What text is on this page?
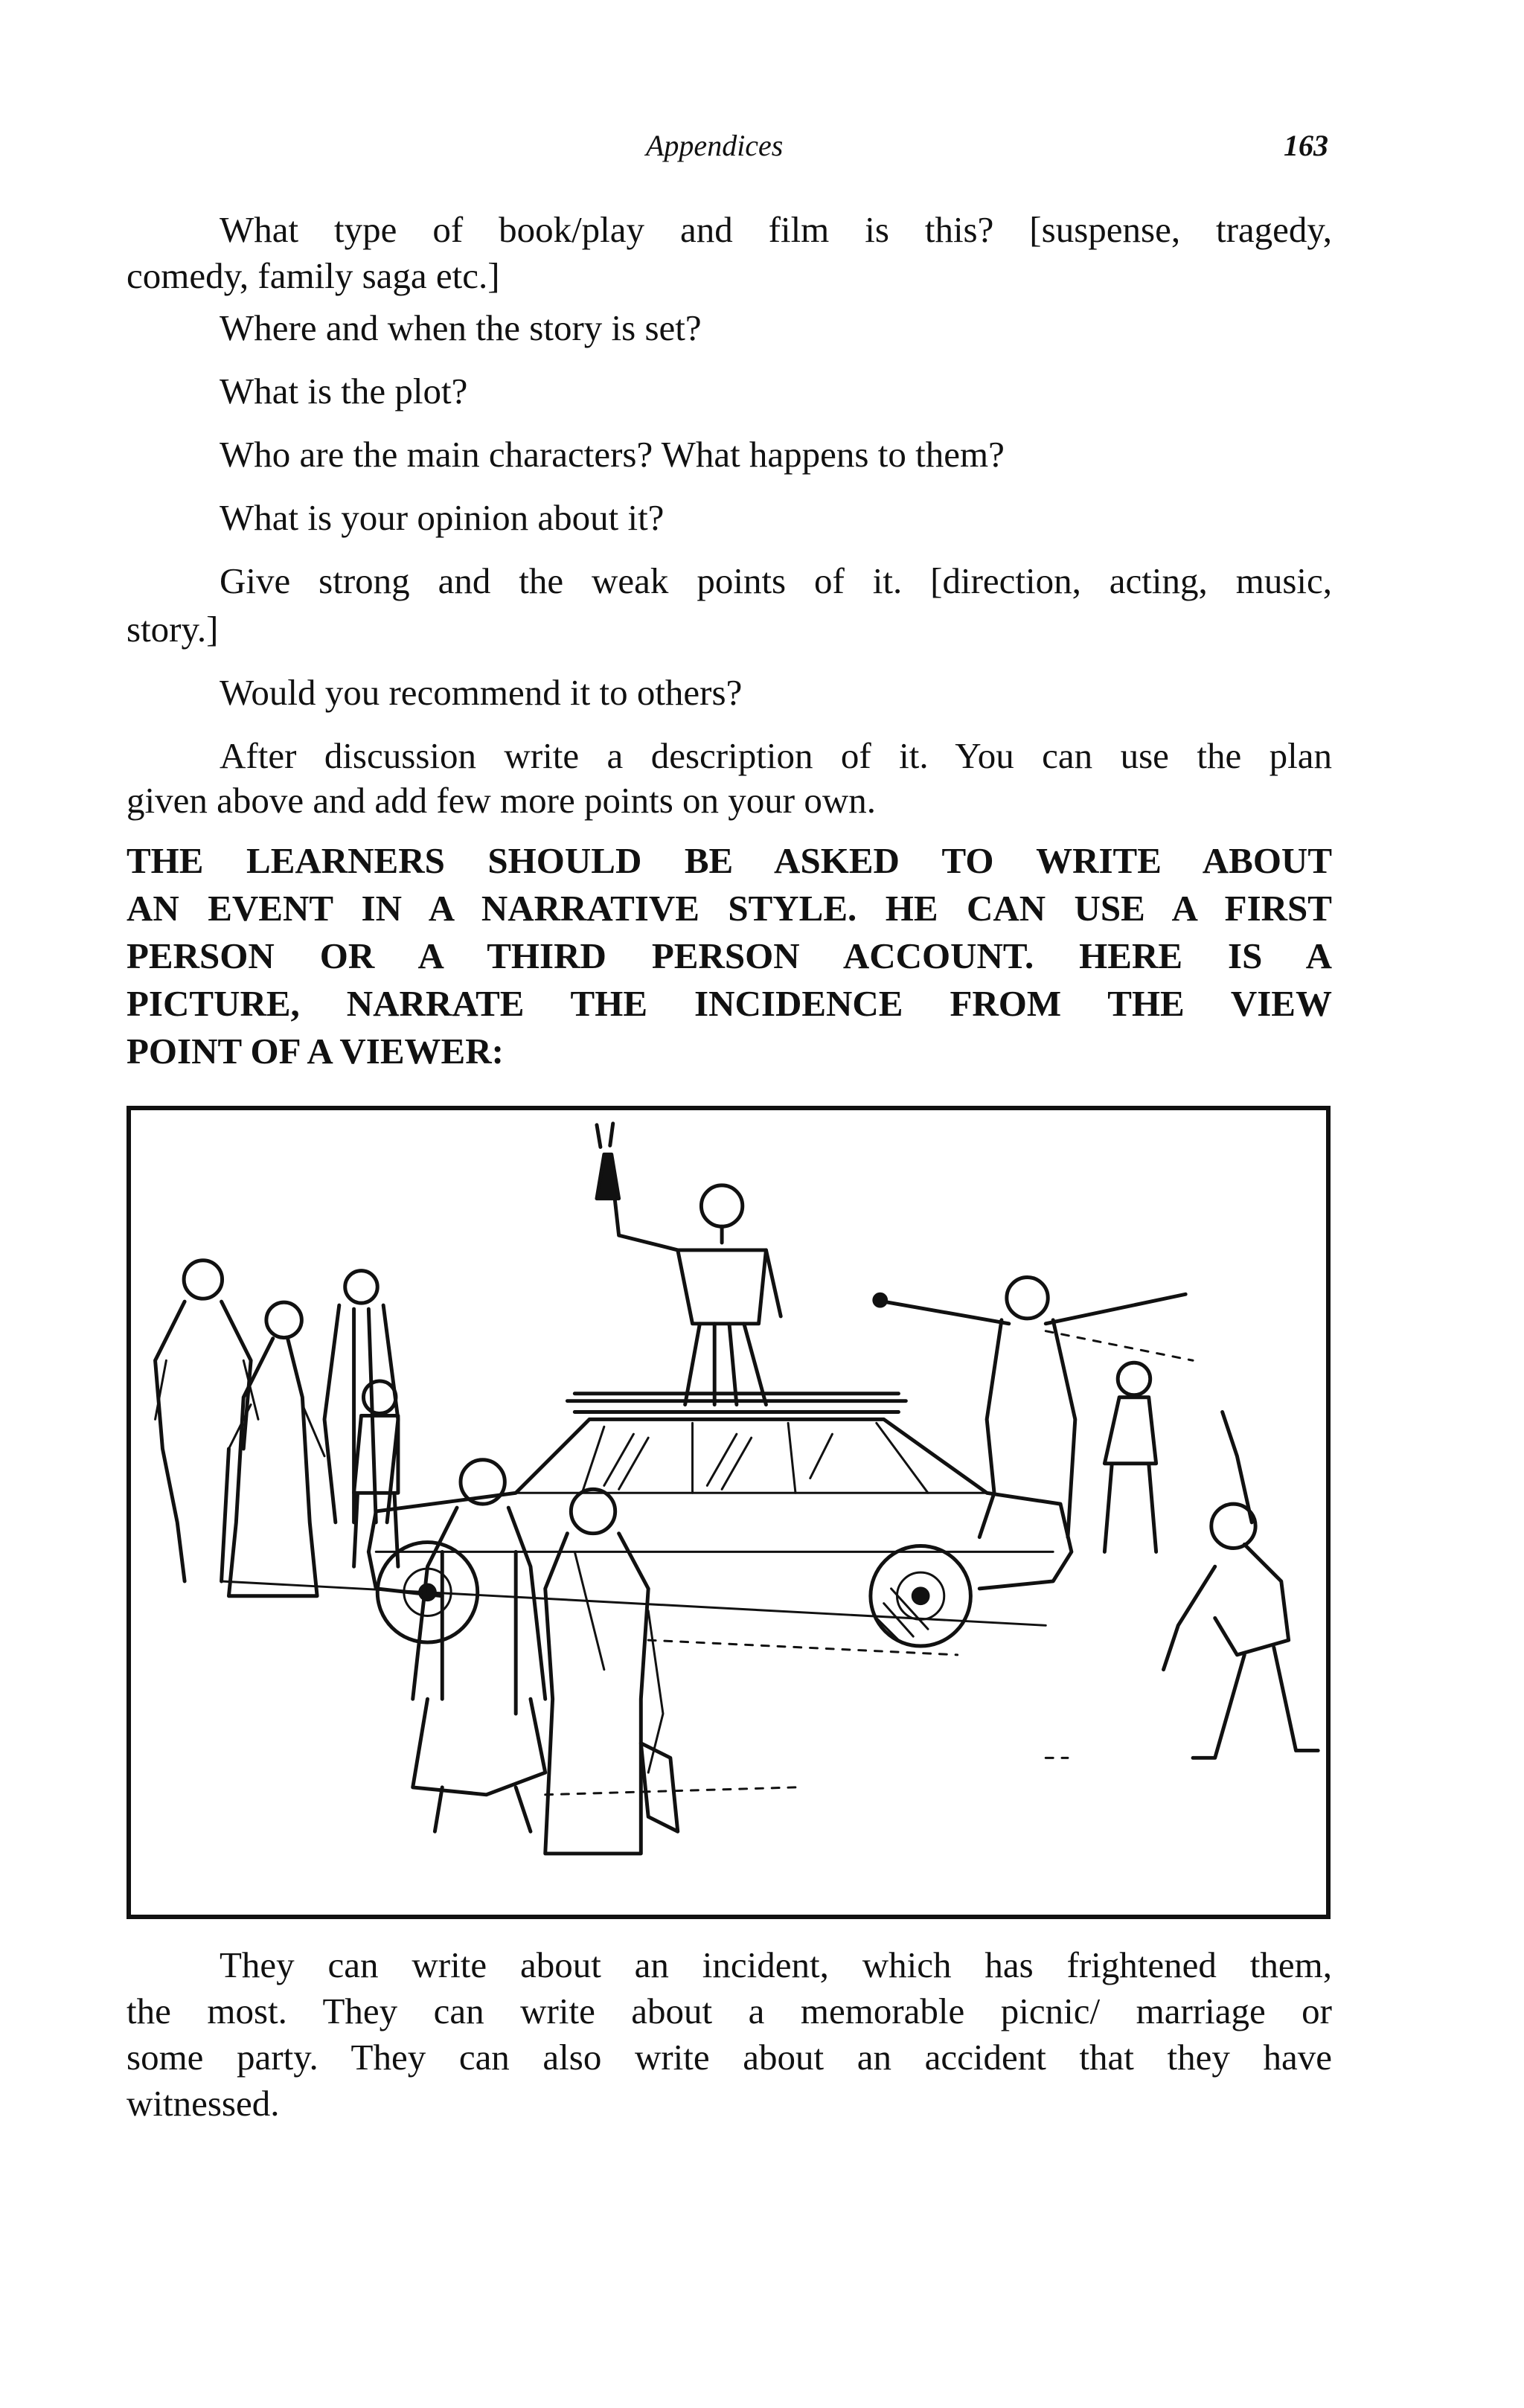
Appendices	163
What type of book/play and film is this? [suspense, tragedy,
comedy, family saga etc.]
Where and when the story is set?
What is the plot?
Who are the main characters? What happens to them?
What is your opinion about it?
Give strong and the weak points of it. [direction, acting, music,
story.]
Would you recommend it to others?
After discussion write a description of it. You can use the plan
given above and add few more points on your own.
THE LEARNERS SHOULD BE ASKED TO WRITE ABOUT
AN EVENT IN A NARRATIVE STYLE. HE CAN USE A FIRST
PERSON OR A THIRD PERSON ACCOUNT. HERE IS A
PICTURE, NARRATE THE INCIDENCE FROM THE VIEW
POINT OF A VIEWER:
They can write about an incident, which has frightened them,
the most. They can write about a memorable picnic/ marriage or
some party. They can also write about an accident that they have
witnessed.
